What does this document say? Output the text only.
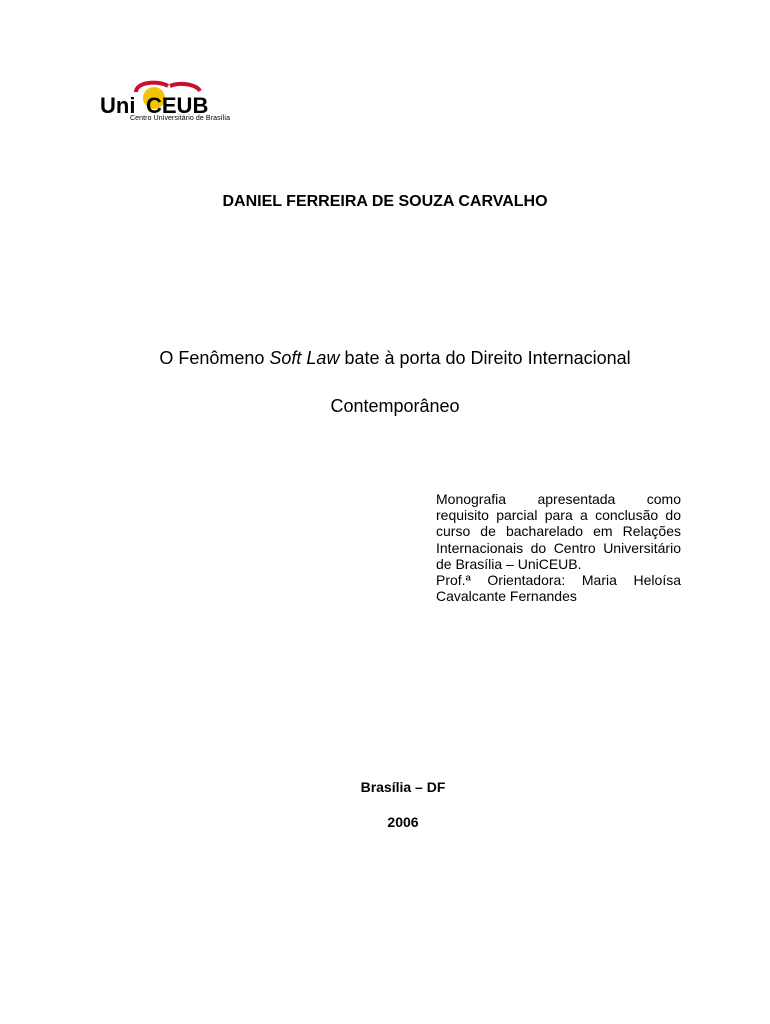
Uni CEUB
Centro Universitário de Brasília

DANIEL FERREIRA DE SOUZA CARVALHO

O Fenômeno Soft Law bate à porta do Direito Internacional

Contemporâneo

Monografia apresentada como requisito parcial para a conclusão do curso de bacharelado em Relações Internacionais do Centro Universitário de Brasília – UniCEUB.

Prof.ª Orientadora: Maria Heloísa Cavalcante Fernandes

Brasília – DF

2006
